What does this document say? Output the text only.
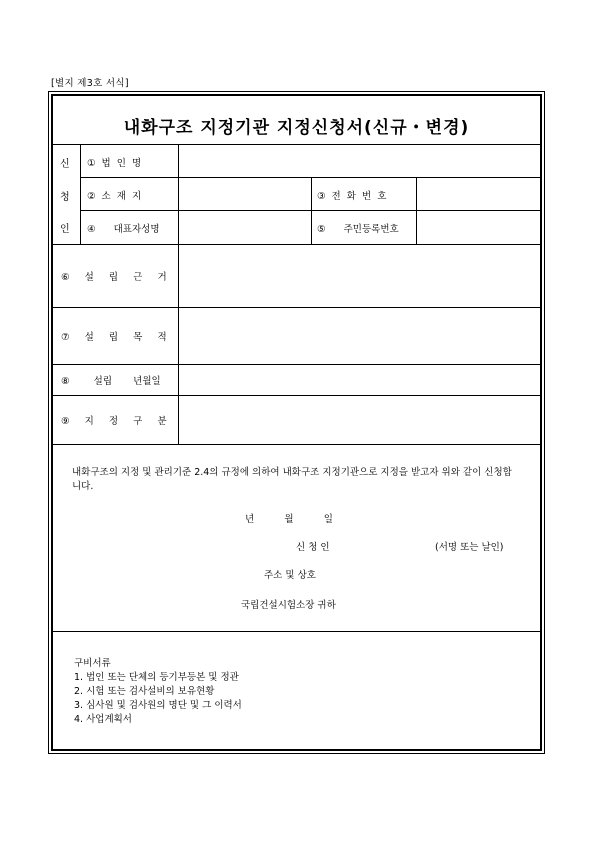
[별지 제3호 서식]
내화구조 지정기관 지정신청서(신규・변경)
신
청
인
①  법  인  명
②  소  재  지	③  전  화  번  호
④      대표자성명	⑤      주민등록번호
⑥     설     립     근     거
⑦     설     립     목     적
⑧        설립       년월일
⑨     지     정     구     분
내화구조의 지정 및 관리기준 2.4의 규정에 의하여 내화구조 지정기관으로 지정을 받고자 위와 같이 신청합니다.
년          월          일
신 청 인	(서명 또는 날인)
주소 및 상호
국립건설시험소장 귀하
구비서류
1. 법인 또는 단체의 등기부등본 및 정관
2. 시험 또는 검사설비의 보유현황
3. 심사원 및 검사원의 명단 및 그 이력서
4. 사업계획서
